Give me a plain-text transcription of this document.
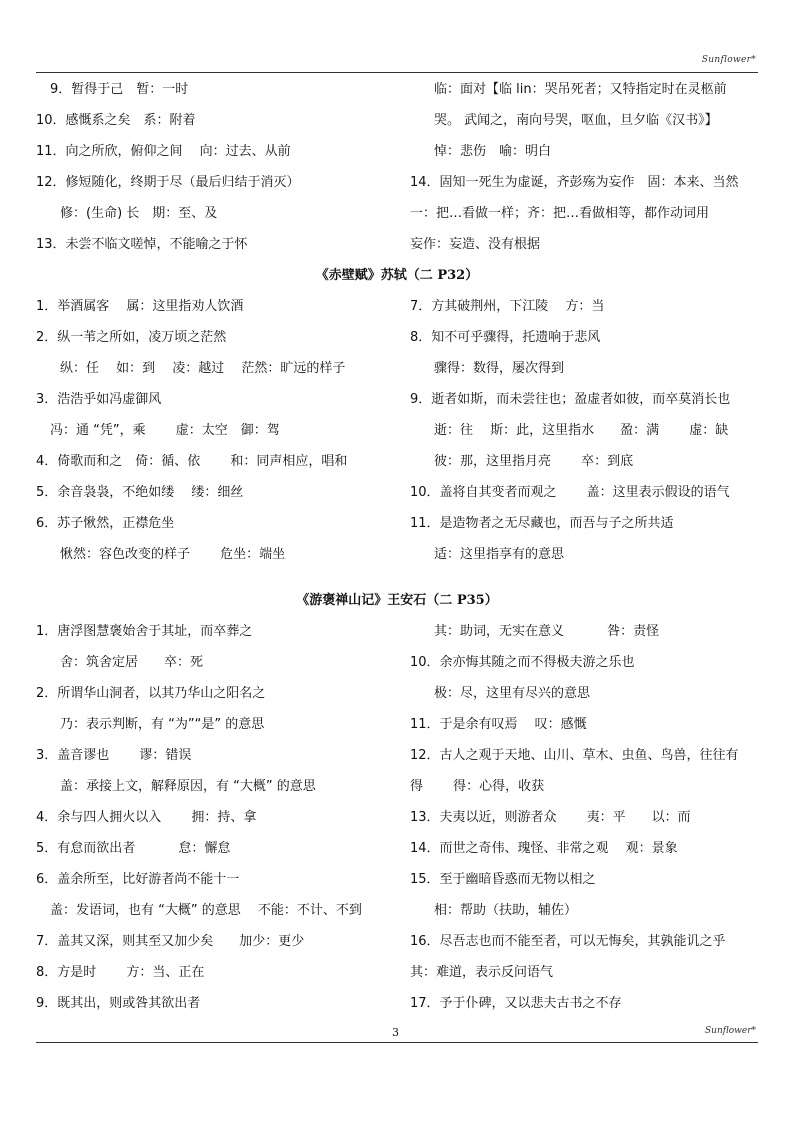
Sunflower*
9．暂得于己　暂：一时
10．感慨系之矣　系：附着
11．向之所欣，俯仰之间　 向：过去、从前
12．修短随化，终期于尽（最后归结于消灭）
修：(生命) 长　期：至、及
13．未尝不临文嗟悼，不能喻之于怀
临：面对【临 lin：哭吊死者；又特指定时在灵柩前
哭。 武闻之，南向号哭，呕血，旦夕临《汉书》】
悼：悲伤　喻：明白
14．固知一死生为虚诞，齐彭殇为妄作　固：本来、当然
一：把…看做一样；齐：把…看做相等，都作动词用
妄作：妄造、没有根据
《赤壁赋》苏轼（二 P32）
1．举酒属客　 属：这里指劝人饮酒
2．纵一苇之所如，凌万顷之茫然
纵：任　 如：到　 凌：越过　 茫然：旷远的样子
3．浩浩乎如冯虚御风
冯：通 “凭”，乘　　 虚：太空　御：驾
4．倚歌而和之　倚：循、依　　 和：同声相应，唱和
5．余音袅袅，不绝如缕　 缕：细丝
6．苏子愀然，正襟危坐
愀然：容色改变的样子　　 危坐：端坐
7．方其破荆州，下江陵　 方：当
8．知不可乎骤得，托遗响于悲风
骤得：数得，屡次得到
9．逝者如斯，而未尝往也；盈虚者如彼，而卒莫消长也
逝：往　 斯：此，这里指水　　盈：满　　 虚：缺
彼：那，这里指月亮　　 卒：到底
10．盖将自其变者而观之　　 盖：这里表示假设的语气
11．是造物者之无尽藏也，而吾与子之所共适
适：这里指享有的意思
《游褒禅山记》王安石（二 P35）
1．唐浮图慧褒始舍于其址，而卒葬之
舍：筑舍定居　　卒：死
2．所谓华山洞者，以其乃华山之阳名之
乃：表示判断，有 “为”“是” 的意思
3．盖音谬也　　 谬：错误
盖：承接上文，解释原因，有 “大概” 的意思
4．余与四人拥火以入　　 拥：持、拿
5．有怠而欲出者　　　 怠：懈怠
6．盖余所至，比好游者尚不能十一
盖：发语词，也有 “大概” 的意思　 不能：不计、不到
7．盖其又深，则其至又加少矣　　加少：更少
8．方是时　　 方：当、正在
9．既其出，则或咎其欲出者
其：助词，无实在意义　　　 咎：责怪
10．余亦悔其随之而不得极夫游之乐也
极：尽，这里有尽兴的意思
11．于是余有叹焉　 叹：感慨
12．古人之观于天地、山川、草木、虫鱼、鸟兽，往往有
得　　 得：心得，收获
13．夫夷以近，则游者众　　 夷：平　　以：而
14．而世之奇伟、瑰怪、非常之观　 观：景象
15．至于幽暗昏惑而无物以相之
相：帮助（扶助，辅佐）
16．尽吾志也而不能至者，可以无悔矣，其孰能讥之乎
其：难道，表示反问语气
17．予于仆碑，又以悲夫古书之不存
3	Sunflower*
